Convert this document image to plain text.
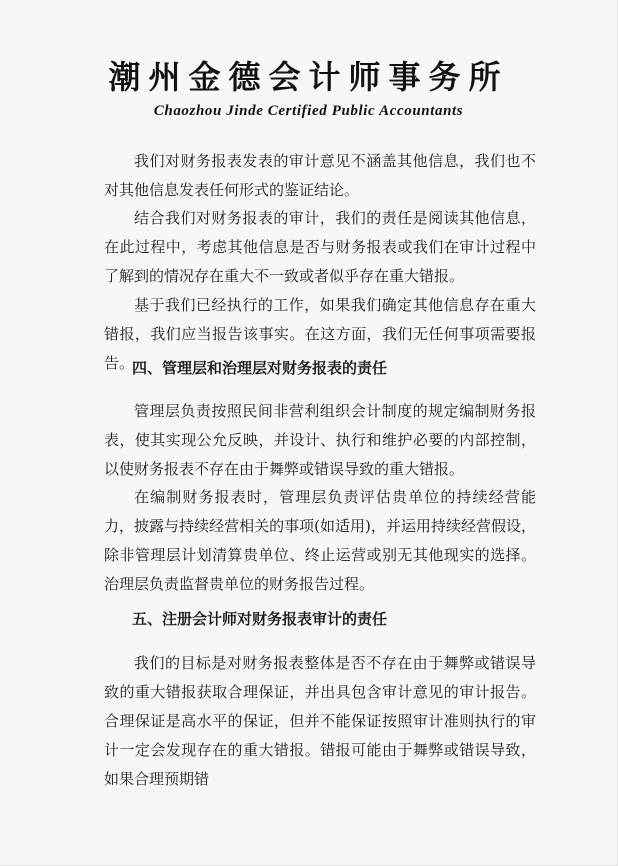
潮州金德会计师事务所
Chaozhou Jinde Certified Public Accountants

我们对财务报表发表的审计意见不涵盖其他信息，我们也不对其他信息发表任何形式的鉴证结论。

结合我们对财务报表的审计，我们的责任是阅读其他信息，在此过程中，考虑其他信息是否与财务报表或我们在审计过程中了解到的情况存在重大不一致或者似乎存在重大错报。

基于我们已经执行的工作，如果我们确定其他信息存在重大错报，我们应当报告该事实。在这方面，我们无任何事项需要报告。

四、管理层和治理层对财务报表的责任

管理层负责按照民间非营利组织会计制度的规定编制财务报表，使其实现公允反映，并设计、执行和维护必要的内部控制，以使财务报表不存在由于舞弊或错误导致的重大错报。

在编制财务报表时，管理层负责评估贵单位的持续经营能力，披露与持续经营相关的事项(如适用)，并运用持续经营假设，除非管理层计划清算贵单位、终止运营或别无其他现实的选择。治理层负责监督贵单位的财务报告过程。

五、注册会计师对财务报表审计的责任

我们的目标是对财务报表整体是否不存在由于舞弊或错误导致的重大错报获取合理保证，并出具包含审计意见的审计报告。合理保证是高水平的保证，但并不能保证按照审计准则执行的审计一定会发现存在的重大错报。错报可能由于舞弊或错误导致，如果合理预期错
